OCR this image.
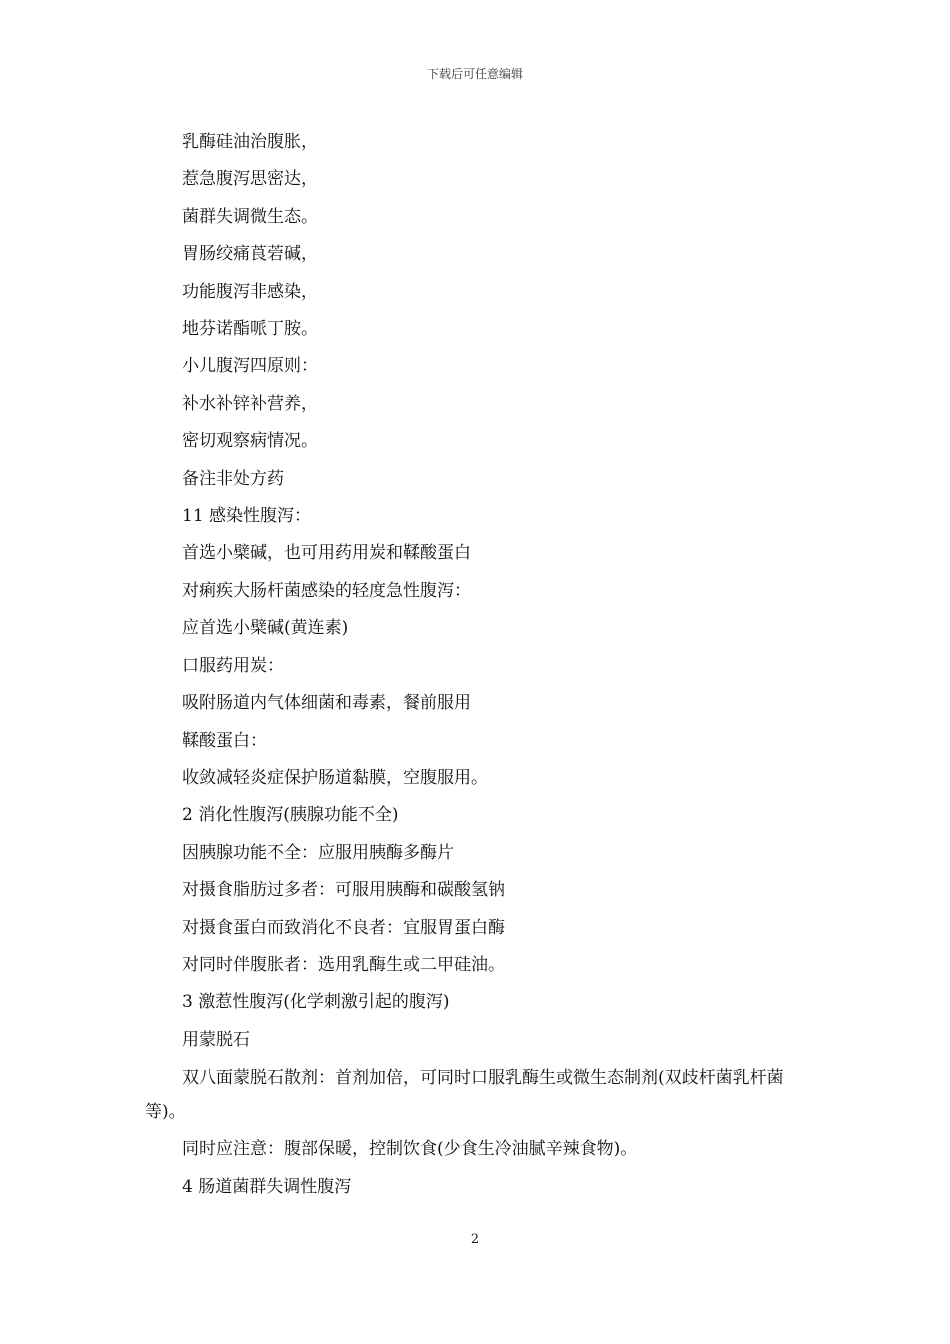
下载后可任意编辑

乳酶硅油治腹胀，

惹急腹泻思密达，

菌群失调微生态。

胃肠绞痛莨菪碱，

功能腹泻非感染，

地芬诺酯哌丁胺。

小儿腹泻四原则：

补水补锌补营养，

密切观察病情况。

备注非处方药

11 感染性腹泻：

首选小檗碱，也可用药用炭和鞣酸蛋白

对痢疾大肠杆菌感染的轻度急性腹泻：

应首选小檗碱(黄连素)

口服药用炭：

吸附肠道内气体细菌和毒素，餐前服用

鞣酸蛋白：

收敛减轻炎症保护肠道黏膜，空腹服用。

2 消化性腹泻(胰腺功能不全)

因胰腺功能不全：应服用胰酶多酶片

对摄食脂肪过多者：可服用胰酶和碳酸氢钠

对摄食蛋白而致消化不良者：宜服胃蛋白酶

对同时伴腹胀者：选用乳酶生或二甲硅油。

3 激惹性腹泻(化学刺激引起的腹泻)

用蒙脱石

双八面蒙脱石散剂：首剂加倍，可同时口服乳酶生或微生态制剂(双歧杆菌乳杆菌等)。

同时应注意：腹部保暖，控制饮食(少食生冷油腻辛辣食物)。

4 肠道菌群失调性腹泻

2
